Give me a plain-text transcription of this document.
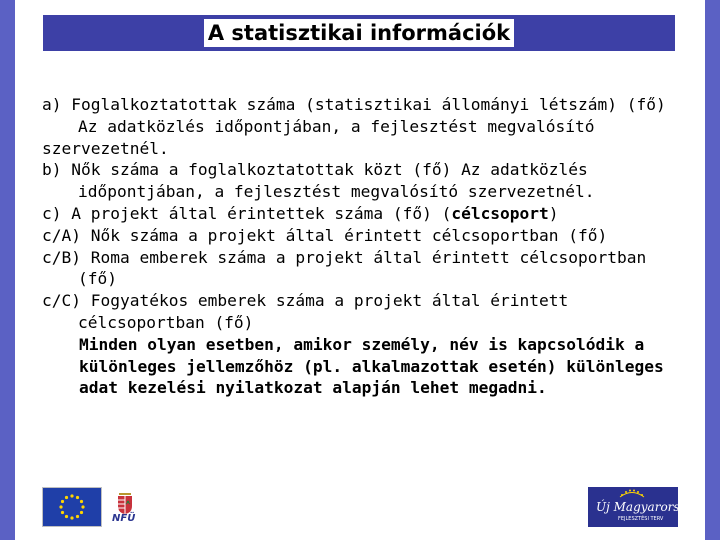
A statisztikai információk

a) Foglalkoztatottak száma (statisztikai állományi létszám) (fő) Az adatközlés időpontjában, a fejlesztést megvalósító

szervezetnél.

b) Nők száma a foglalkoztatottak közt (fő) Az adatközlés időpontjában, a fejlesztést megvalósító szervezetnél.

c) A projekt által érintettek száma (fő) (célcsoport)

c/A) Nők száma a projekt által érintett célcsoportban (fő)

c/B) Roma emberek száma a projekt által érintett célcsoportban (fő)

c/C) Fogyatékos emberek száma a projekt által érintett célcsoportban (fő)

Minden olyan esetben, amikor személy, név is kapcsolódik a különleges jellemzőhöz (pl. alkalmazottak esetén) különleges adat kezelési nyilatkozat alapján lehet megadni.

NFÜ
Új Magyarország
FEJLESZTÉSI TERV
